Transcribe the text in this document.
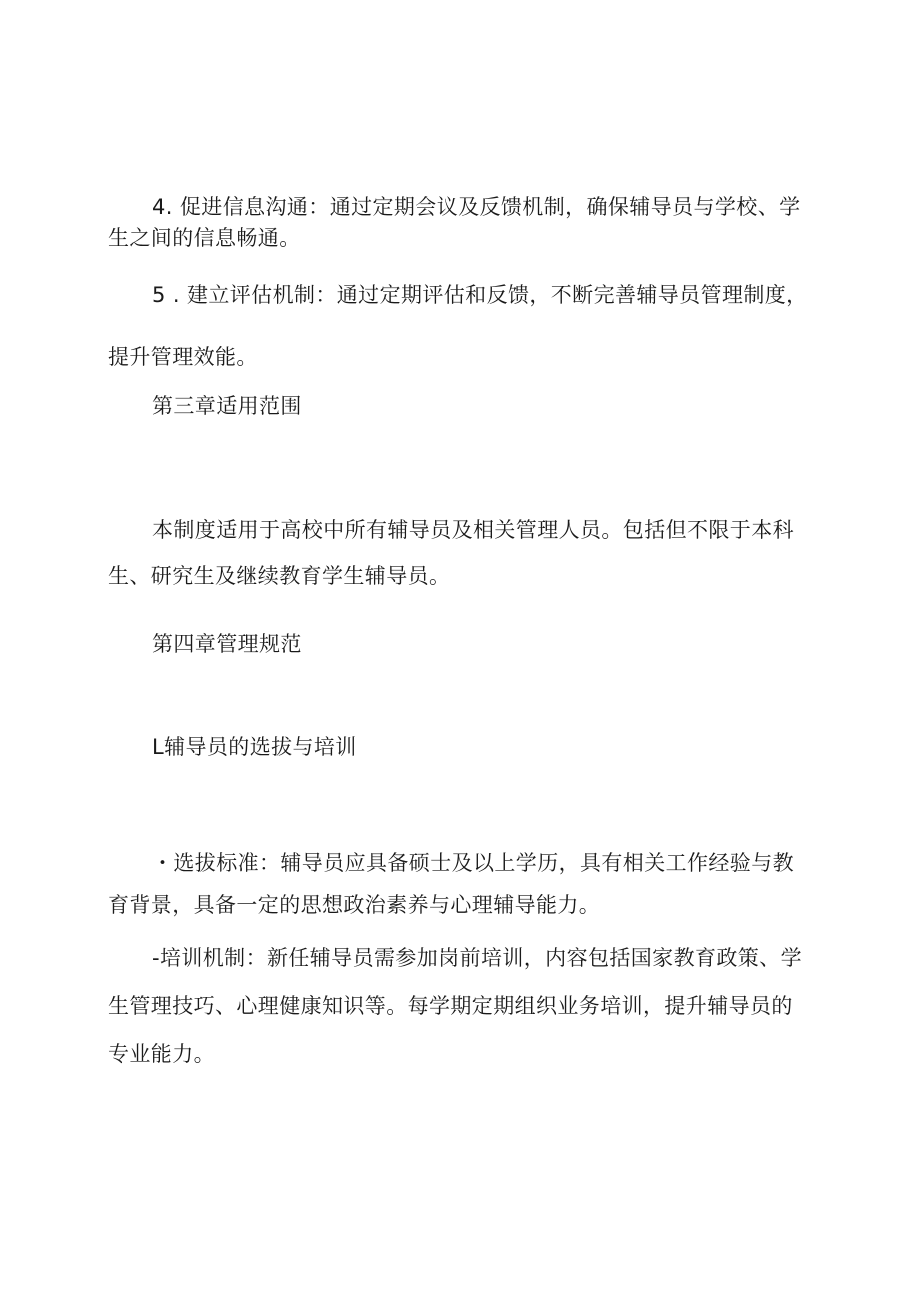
4. 促进信息沟通：通过定期会议及反馈机制，确保辅导员与学校、学生之间的信息畅通。

5 . 建立评估机制：通过定期评估和反馈，不断完善辅导员管理制度，提升管理效能。

第三章适用范围

本制度适用于高校中所有辅导员及相关管理人员。包括但不限于本科生、研究生及继续教育学生辅导员。

第四章管理规范
L辅导员的选拔与培训

・选拔标准：辅导员应具备硕士及以上学历，具有相关工作经验与教育背景，具备一定的思想政治素养与心理辅导能力。

-培训机制：新任辅导员需参加岗前培训，内容包括国家教育政策、学生管理技巧、心理健康知识等。每学期定期组织业务培训，提升辅导员的专业能力。
